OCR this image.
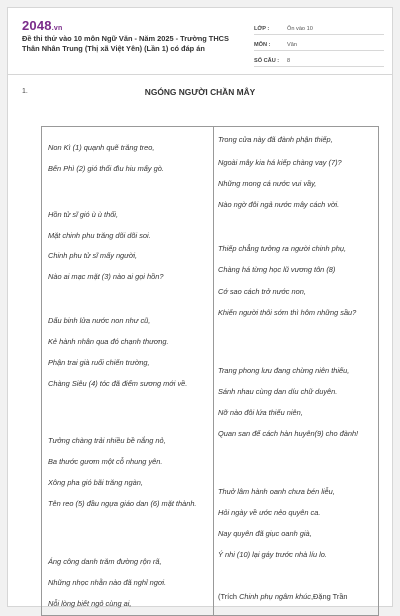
2048.vn
Đề thi thử vào 10 môn Ngữ Văn - Năm 2025 - Trường THCS Thân Nhân Trung (Thị xã Việt Yên) (Lần 1) có đáp án
LỚP :	Ôn vào 10
MÔN :	Văn
SỐ CÂU :	8
1.	NGÓNG NGƯỜI CHẦN MÂY
Non Kì (1) quạnh quẽ trăng treo,
Bến Phì (2) gió thổi đìu hiu mấy gò.
Hồn tử sĩ gió ù ù thổi,
Mặt chinh phu trăng dõi dõi soi.
Chinh phu tử sĩ mấy người,
Nào ai mạc mặt (3) nào ai gọi hồn?
Dấu binh lửa nước non như cũ,
Kẻ hành nhân qua đó chạnh thương.
Phận trai già ruổi chiến trường,
Chàng Siêu (4) tóc đã điểm sương mới về.
Tưởng chàng trải nhiều bề nắng nỏ,
Ba thước gươm một cỗ nhung yên.
Xông pha gió bãi trăng ngàn,
Tên reo (5) đầu ngựa giáo dan (6) mặt thành.
Áng công danh trăm đường rộn rã,
Những nhọc nhằn nào đã nghỉ ngơi.
Nỗi lòng biết ngỏ cùng ai,
Trong cửa này đã đành phận thiếp,
Ngoài mây kia há kiếp chàng vay (7)?
Những mong cá nước vui vầy,
Nào ngờ đôi ngả nước mây cách vời.
Thiếp chẳng tưởng ra người chinh phụ,
Chàng há từng học lũ vương tôn (8)
Cớ sao cách trở nước non,
Khiến người thôi sớm thì hôm những sầu?
Trang phong lưu đang chừng niên thiếu,
Sánh nhau cùng dan díu chữ duyên.
Nỡ nào đôi lứa thiếu niên,
Quan san để cách hàn huyên(9) cho đành!
Thuở lâm hành oanh chưa bén liễu,
Hỏi ngày về ước nẻo quyên ca.
Nay quyên đã giục oanh già,
Ý nhi (10) lại gáy trước nhà líu lo.
(Trích Chinh phụ ngâm khúc,Đặng Trần
